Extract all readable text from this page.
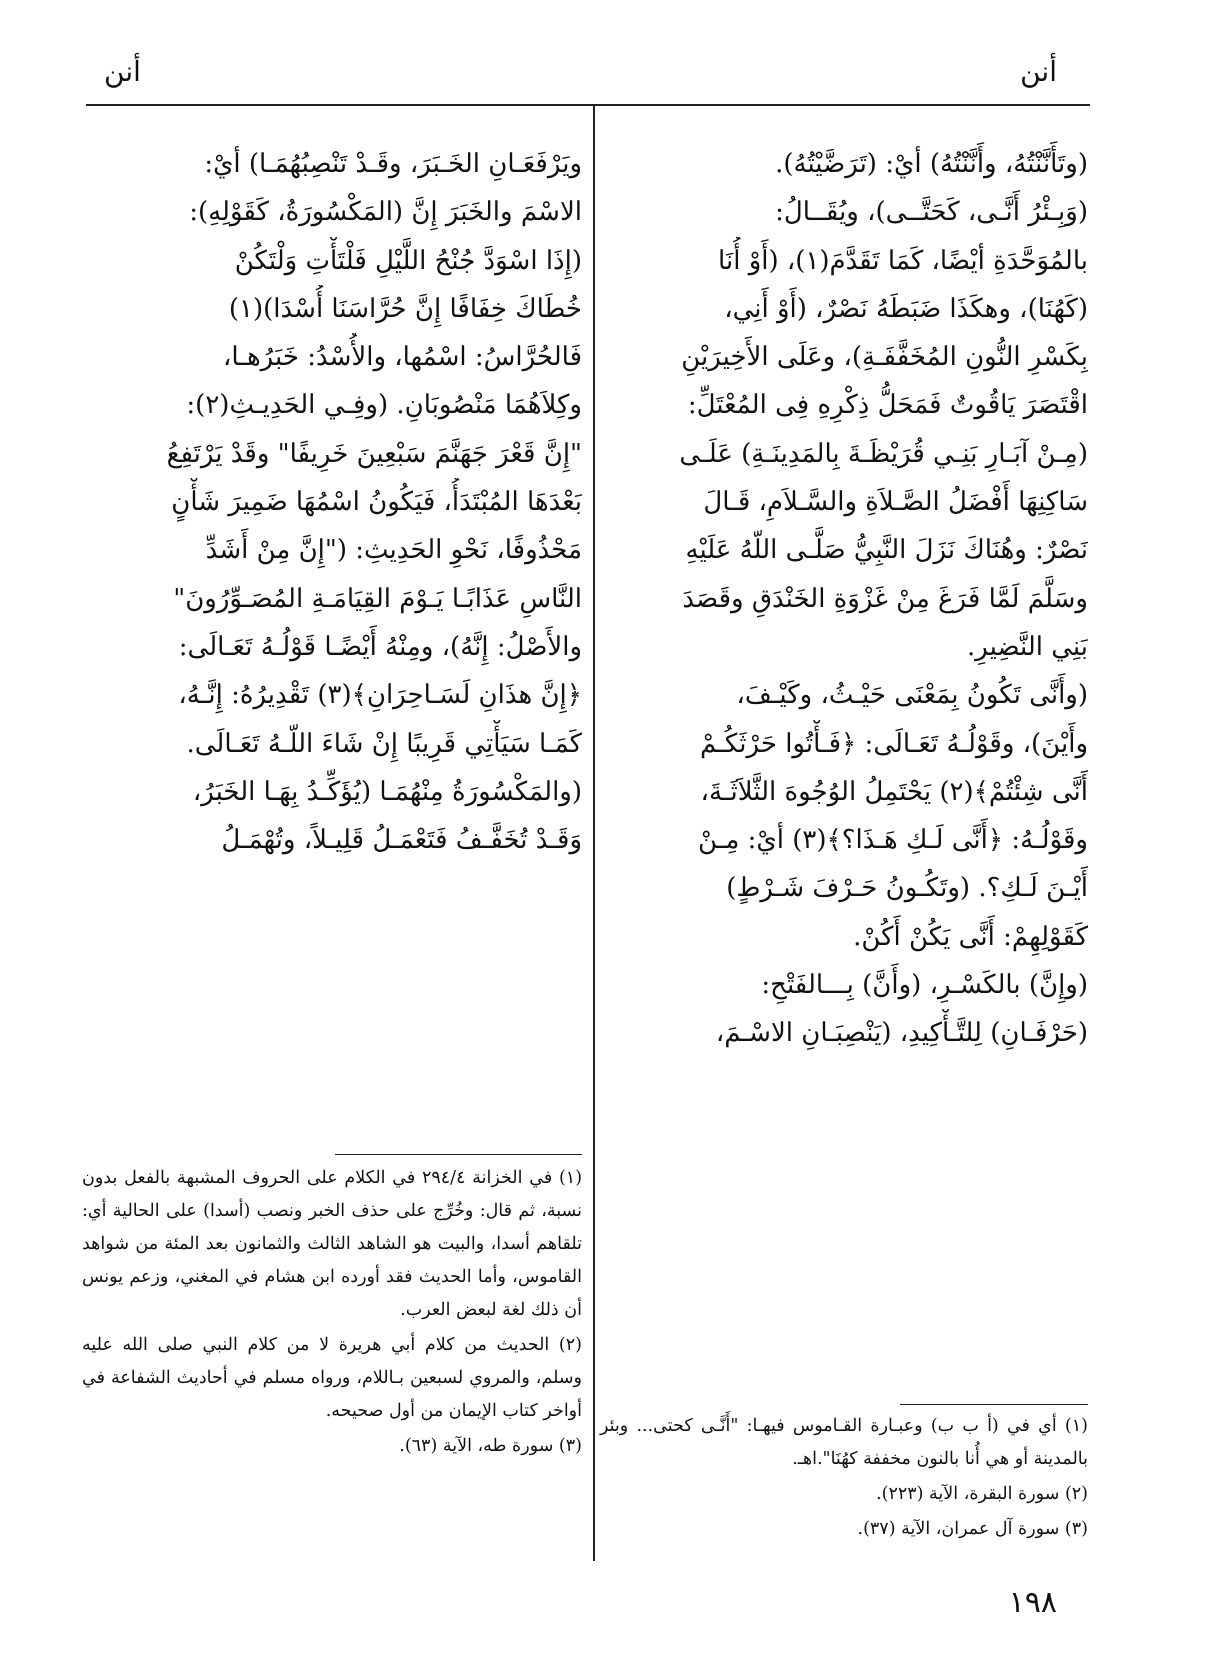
أنن	أنن
(وتَأَنَّنْتُهُ، وأَنَّنْتُهُ) أيْ: (تَرَضَّيْتُهُ).
(وَبِـئْرُ أَنَّـى، كَحَتَّــى)، ويُقَــالُ:
بالمُوَحَّدَةِ أيْضًا، كَمَا تَقَدَّمَ(١)، (أَوْ أُنَا
(كَهُنَا)، وهكَذَا ضَبَطَهُ نَصْرٌ، (أَوْ أَنِي،
بِكَسْرِ النُّونِ المُخَفَّفَـةِ)، وعَلَى الأَخِيرَيْنِ
اقْتَصَرَ يَاقُوتٌ فَمَحَلُّ ذِكْرِهِ فِى المُعْتَلِّ:
(مِـنْ آبَـارِ بَنِـي قُرَيْظَـةَ بِالمَدِينَـةِ) عَلَـى
سَاكِنِهَا أَفْضَلُ الصَّـلاَةِ والسَّـلاَمِ، قَـالَ
نَصْرٌ: وهُنَاكَ نَزَلَ النَّبِيُّ صَلَّـى اللّهُ عَلَيْهِ
وسَلَّمَ لَمَّا فَرَغَ مِنْ غَزْوَةِ الخَنْدَقِ وقَصَدَ
بَنِي النَّضِيرِ.
(وأَنَّى تَكُونُ بِمَعْنَى حَيْـثُ، وكَيْـفَ،
وأَيْنَ)، وقَوْلُـهُ تَعَـالَى: ﴿فَـأْتُوا حَرْثَكُـمْ
أَنَّى شِئْتُمْ﴾(٢) يَحْتَمِلُ الوُجُوهَ الثَّلاَثَـةَ،
وقَوْلُـهُ: ﴿أَنَّى لَـكِ هَـذَا؟﴾(٣) أيْ: مِـنْ
أَيْـنَ لَـكِ؟. (وتَكُـونُ حَـرْفَ شَـرْطٍ)
كَقَوْلِهِمْ: أَنَّى يَكُنْ أَكُنْ.
(وإِنَّ) بالكَسْـرِ، (وأَنَّ) بِـــالفَتْحِ:
(حَرْفَـانِ) لِلتَّـأْكِيدِ، (يَنْصِبَـانِ الاسْـمَ،
ويَرْفَعَـانِ الخَـبَرَ، وقَـدْ تَنْصِبُهُمَـا) أيْ:
الاسْمَ والخَبَرَ إِنَّ (المَكْسُورَةُ، كَقَوْلِهِ):
(إِذَا اسْوَدَّ جُنْحُ اللَّيْلِ فَلْتَأْتِ وَلْتَكُنْ
خُطَاكَ خِفَافًا إِنَّ حُرَّاسَنَا أُسْدَا)(١)
فَالحُرَّاسُ: اسْمُها، والأُسْدُ: خَبَرُهـا،
وكِلاَهُمَا مَنْصُوبَانِ. (وفِـي الحَدِيـثِ(٢):
"إِنَّ قَعْرَ جَهَنَّمَ سَبْعِينَ خَرِيفًا" وقَدْ يَرْتَفِعُ
بَعْدَهَا المُبْتَدَأُ، فَيَكُونُ اسْمُهَا ضَمِيرَ شَأْنٍ
مَحْذُوفًا، نَحْوِ الحَدِيثِ: ("إِنَّ مِنْ أَشَدِّ
النَّاسِ عَذَابًـا يَـوْمَ القِيَامَـةِ المُصَـوِّرُونَ"
والأَصْلُ: إِنَّهُ)، ومِنْهُ أَيْضًـا قَوْلُـهُ تَعَـالَى:
﴿إِنَّ هذَانِ لَسَـاحِرَانِ﴾(٣) تَقْدِيرُهُ: إِنَّـهُ،
كَمَـا سَيَأْتِي قَرِيبًا إِنْ شَاءَ اللّـهُ تَعَـالَى.
(والمَكْسُورَةُ مِنْهُمَـا (يُؤَكِّـدُ بِهَـا الخَبَرُ،
وَقَـدْ تُخَفَّـفُ فَتَعْمَـلُ قَلِيـلاً، وتُهْمَـلُ

(١) في الخزانة ٢٩٤/٤ في الكلام على الحروف المشبهة بالفعل بدون نسبة، ثم قال: وخُرِّج على حذف الخبر ونصب (أسدا) على الحالية أي: تلقاهم أسدا، والبيت هو الشاهد الثالث والثمانون بعد المئة من شواهد القاموس، وأما الحديث فقد أورده ابن هشام في المغني، وزعم يونس أن ذلك لغة لبعض العرب.

(٢) الحديث من كلام أبي هريرة لا من كلام النبي صلى الله عليه وسلم، والمروي لسبعين بـاللام، ورواه مسلم في أحاديث الشفاعة في أواخر كتاب الإيمان من أول صحيحه.

(٣) سورة طه، الآية (٦٣).

(١) أي في (أ ب ب) وعبـارة القـاموس فيهـا: "أَنَّـى كحتى... وبئر بالمدينة أو هي أُنا بالنون مخففة كهُنَا".اهـ.

(٢) سورة البقرة، الآية (٢٢٣).

(٣) سورة آل عمران، الآية (٣٧).

١٩٨
